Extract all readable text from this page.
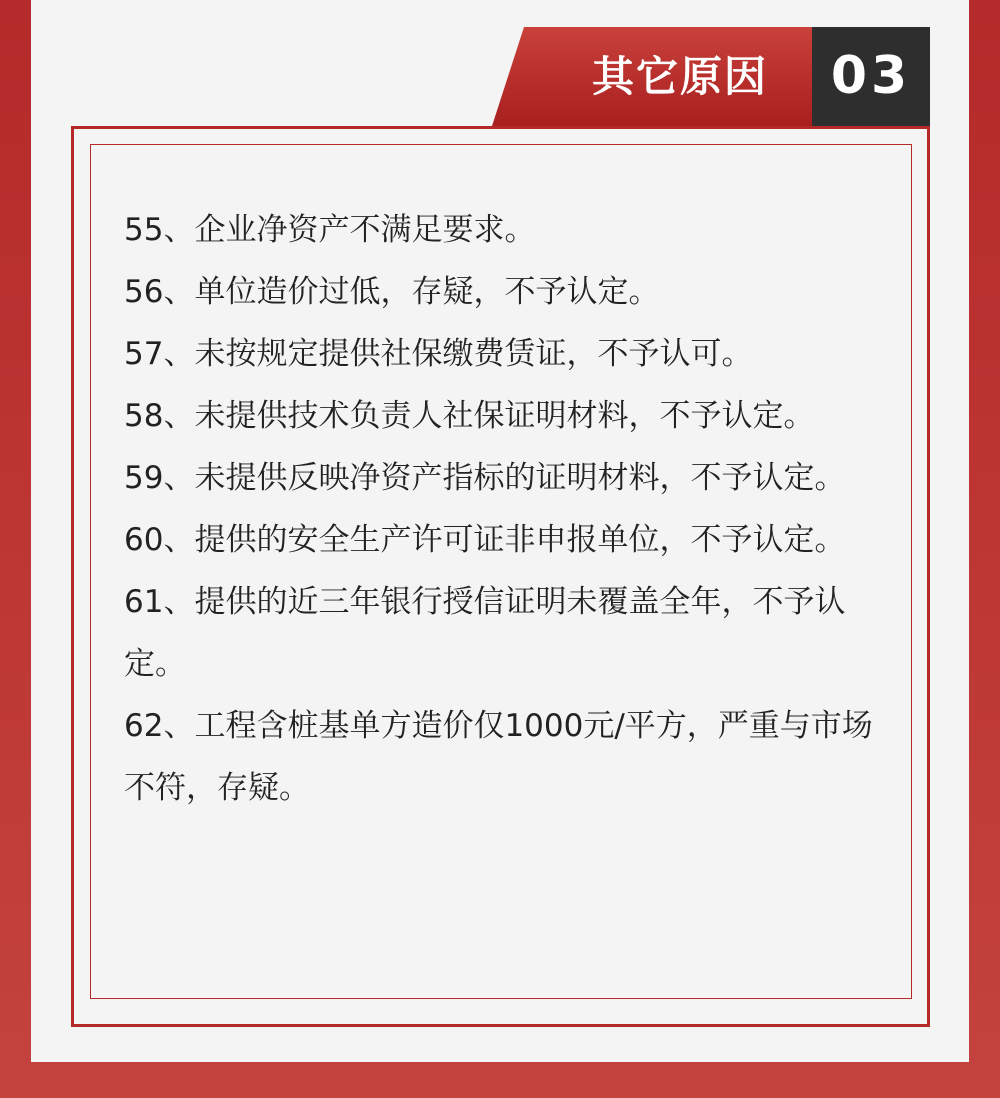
其它原因	03

55、企业净资产不满足要求。

56、单位造价过低，存疑，不予认定。

57、未按规定提供社保缴费赁证，不予认可。

58、未提供技术负责人社保证明材料，不予认定。

59、未提供反映净资产指标的证明材料，不予认定。

60、提供的安全生产许可证非申报单位，不予认定。

61、提供的近三年银行授信证明未覆盖全年，不予认定。

62、工程含桩基单方造价仅1000元/平方，严重与市场不符，存疑。
